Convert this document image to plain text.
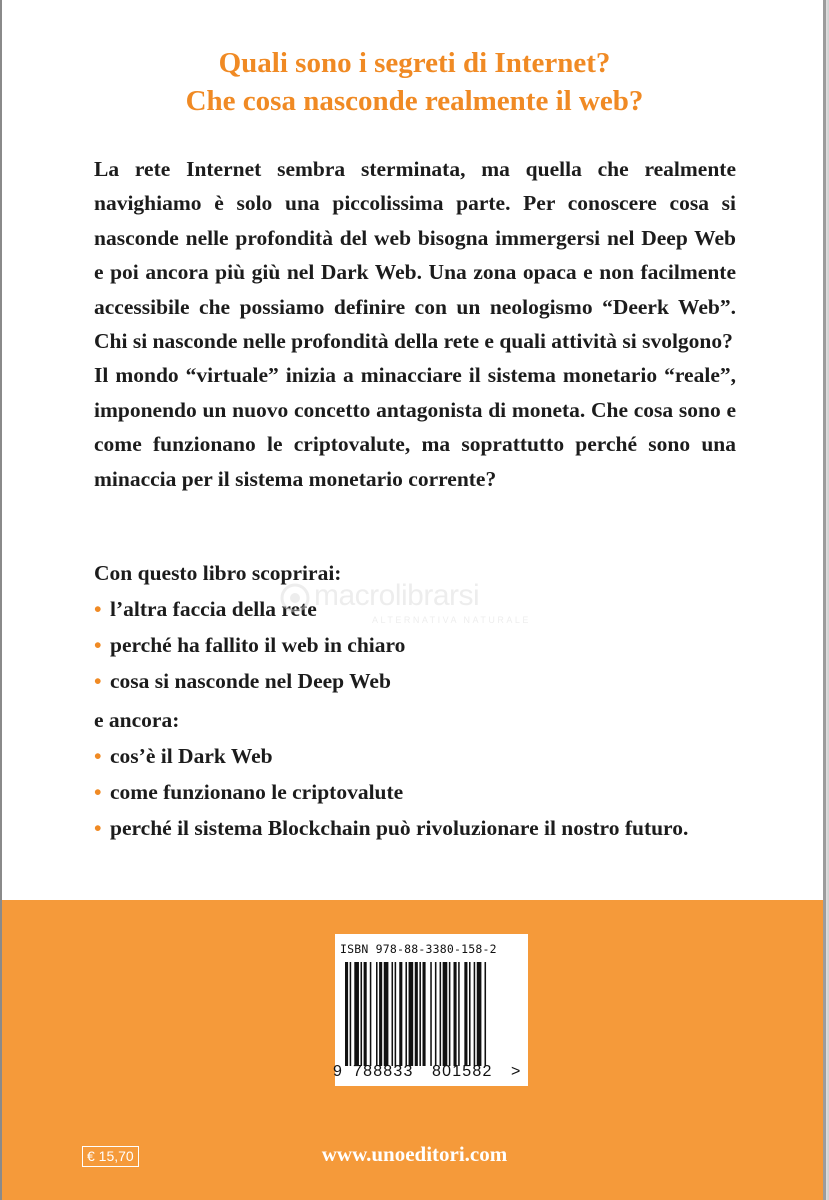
Quali sono i segreti di Internet?
Che cosa nasconde realmente il web?

La rete Internet sembra sterminata, ma quella che realmente navighiamo è solo una piccolissima parte. Per conoscere cosa si nasconde nelle profondità del web bisogna immergersi nel Deep Web e poi ancora più giù nel Dark Web. Una zona opaca e non facilmente accessibile che possiamo definire con un neologismo “Deerk Web”. Chi si nasconde nelle profondità della rete e quali attività si svolgono?

Il mondo “virtuale” inizia a minacciare il sistema monetario “reale”, imponendo un nuovo concetto antagonista di moneta. Che cosa sono e come funzionano le criptovalute, ma soprattutto perché sono una minaccia per il sistema monetario corrente?

Con questo libro scoprirai:

• l’altra faccia della rete
• perché ha fallito il web in chiaro
• cosa si nasconde nel Deep Web

e ancora:

• cos’è il Dark Web
• come funzionano le criptovalute
• perché il sistema Blockchain può rivoluzionare il nostro futuro.
macrolibrarsi
ALTERNATIVA NATURALE
ISBN 978-88-3380-158-2
9 788833 801582 >
€ 15,70	www.unoeditori.com
